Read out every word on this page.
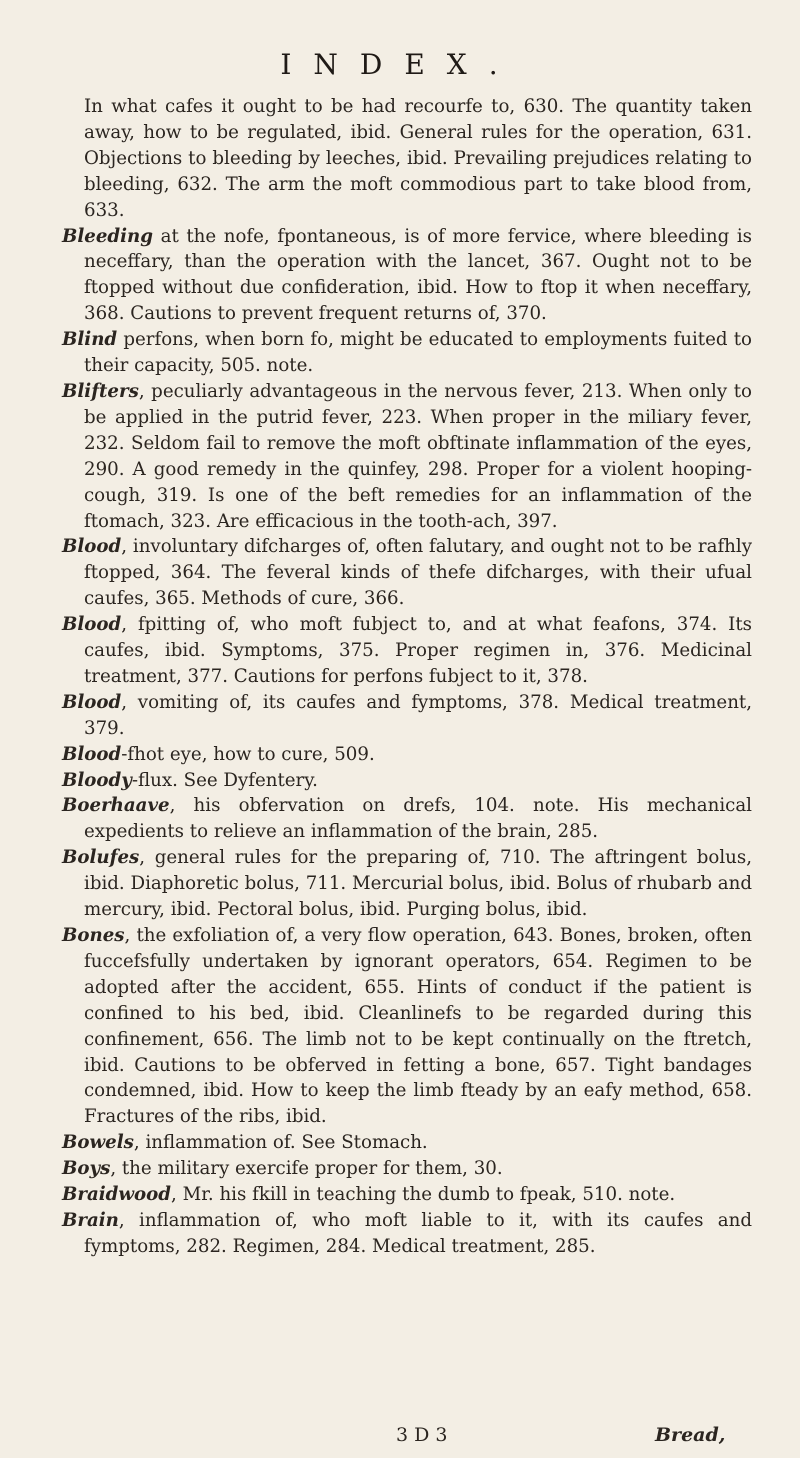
INDEX.

In what cafes it ought to be had recourfe to, 630. The quantity taken away, how to be regulated, ibid. General rules for the operation, 631. Objections to bleeding by leeches, ibid. Prevailing prejudices relating to bleeding, 632. The arm the moft commodious part to take blood from, 633.

Bleeding at the nofe, fpontaneous, is of more fervice, where bleeding is neceffary, than the operation with the lancet, 367. Ought not to be ftopped without due confideration, ibid. How to ftop it when neceffary, 368. Cautions to prevent frequent returns of, 370.

Blind perfons, when born fo, might be educated to employments fuited to their capacity, 505. note.

Blifters, peculiarly advantageous in the nervous fever, 213. When only to be applied in the putrid fever, 223. When proper in the miliary fever, 232. Seldom fail to remove the moft obftinate inflammation of the eyes, 290. A good remedy in the quinfey, 298. Proper for a violent hooping-cough, 319. Is one of the beft remedies for an inflammation of the ftomach, 323. Are efficacious in the tooth-ach, 397.

Blood, involuntary difcharges of, often falutary, and ought not to be rafhly ftopped, 364. The feveral kinds of thefe difcharges, with their ufual caufes, 365. Methods of cure, 366.

Blood, fpitting of, who moft fubject to, and at what feafons, 374. Its caufes, ibid. Symptoms, 375. Proper regimen in, 376. Medicinal treatment, 377. Cautions for perfons fubject to it, 378.

Blood, vomiting of, its caufes and fymptoms, 378. Medical treatment, 379.

Blood-fhot eye, how to cure, 509.

Bloody-flux. See Dyfentery.

Boerhaave, his obfervation on drefs, 104. note. His mechanical expedients to relieve an inflammation of the brain, 285.

Bolufes, general rules for the preparing of, 710. The aftringent bolus, ibid. Diaphoretic bolus, 711. Mercurial bolus, ibid. Bolus of rhubarb and mercury, ibid. Pectoral bolus, ibid. Purging bolus, ibid.

Bones, the exfoliation of, a very flow operation, 643. Bones, broken, often fuccefsfully undertaken by ignorant operators, 654. Regimen to be adopted after the accident, 655. Hints of conduct if the patient is confined to his bed, ibid. Cleanlinefs to be regarded during this confinement, 656. The limb not to be kept continually on the ftretch, ibid. Cautions to be obferved in fetting a bone, 657. Tight bandages condemned, ibid. How to keep the limb fteady by an eafy method, 658. Fractures of the ribs, ibid.

Bowels, inflammation of. See Stomach.

Boys, the military exercife proper for them, 30.

Braidwood, Mr. his fkill in teaching the dumb to fpeak, 510. note.

Brain, inflammation of, who moft liable to it, with its caufes and fymptoms, 282. Regimen, 284. Medical treatment, 285.

3 D 3	Bread,
